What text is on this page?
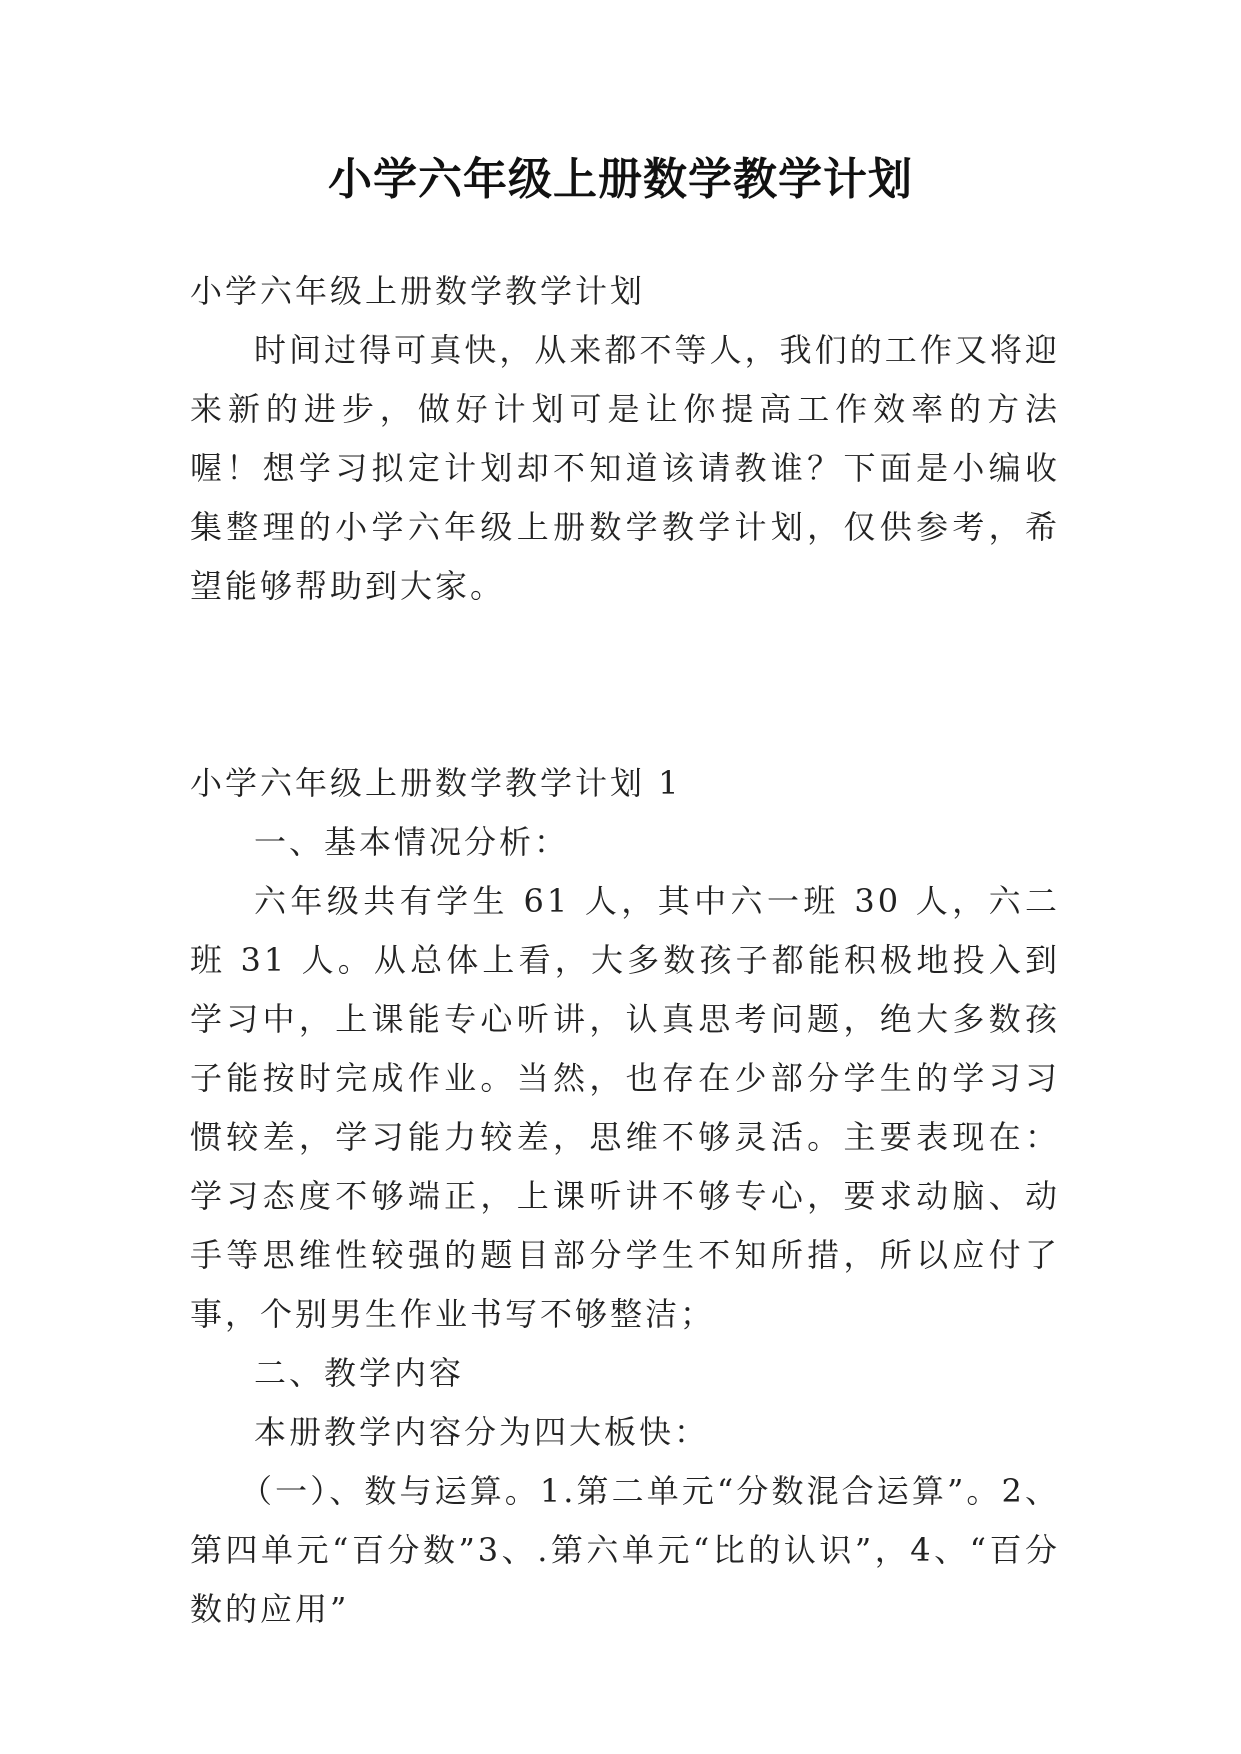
小学六年级上册数学教学计划

小学六年级上册数学教学计划

时间过得可真快，从来都不等人，我们的工作又将迎来新的进步，做好计划可是让你提高工作效率的方法喔！想学习拟定计划却不知道该请教谁？下面是小编收集整理的小学六年级上册数学教学计划，仅供参考，希望能够帮助到大家。

小学六年级上册数学教学计划 1

一、基本情况分析：

六年级共有学生 61 人，其中六一班 30 人，六二班 31 人。从总体上看，大多数孩子都能积极地投入到学习中，上课能专心听讲，认真思考问题，绝大多数孩子能按时完成作业。当然，也存在少部分学生的学习习惯较差，学习能力较差，思维不够灵活。主要表现在：学习态度不够端正，上课听讲不够专心，要求动脑、动手等思维性较强的题目部分学生不知所措，所以应付了事，个别男生作业书写不够整洁；

二、教学内容

本册教学内容分为四大板快：

（一）、数与运算。1.第二单元“分数混合运算”。2、第四单元“百分数”3、.第六单元“比的认识”，4、“百分数的应用”
